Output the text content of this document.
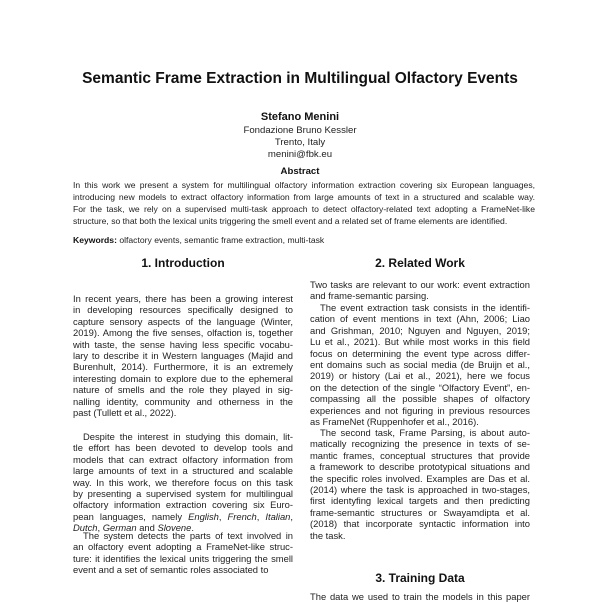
Semantic Frame Extraction in Multilingual Olfactory Events
Stefano Menini
Fondazione Bruno Kessler
Trento, Italy
menini@fbk.eu
Abstract
In this work we present a system for multilingual olfactory information extraction covering six European languages,
introducing new models to extract olfactory information from large amounts of text in a structured and scalable way.
For the task, we rely on a supervised multi-task approach to detect olfactory-related text adopting a FrameNet-like
structure, so that both the lexical units triggering the smell event and a related set of frame elements are identified.
Keywords: olfactory events, semantic frame extraction, multi-task
1. Introduction	2. Related Work
3. Training Data
In recent years, there has been a growing interest
in developing resources specifically designed to
capture sensory aspects of the language (Winter,
2019). Among the five senses, olfaction is, together
with taste, the sense having less specific vocabu-
lary to describe it in Western languages (Majid and
Burenhult, 2014). Furthermore, it is an extremely
interesting domain to explore due to the ephemeral
nature of smells and the role they played in sig-
nalling identity, community and otherness in the
past (Tullett et al., 2022).
Despite the interest in studying this domain, lit-
tle effort has been devoted to develop tools and
models that can extract olfactory information from
large amounts of text in a structured and scalable
way. In this work, we therefore focus on this task
by presenting a supervised system for multilingual
olfactory information extraction covering six Euro-
pean languages, namely English, French, Italian,
Dutch, German and Slovene.
The system detects the parts of text involved in
an olfactory event adopting a FrameNet-like struc-
ture: it identifies the lexical units triggering the smell
event and a set of semantic roles associated to
Two tasks are relevant to our work: event extraction
and frame-semantic parsing.
The event extraction task consists in the identifi-
cation of event mentions in text (Ahn, 2006; Liao
and Grishman, 2010; Nguyen and Nguyen, 2019;
Lu et al., 2021). But while most works in this field
focus on determining the event type across differ-
ent domains such as social media (de Bruijn et al.,
2019) or history (Lai et al., 2021), here we focus
on the detection of the single “Olfactory Event”, en-
compassing all the possible shapes of olfactory
experiences and not figuring in previous resources
as FrameNet (Ruppenhofer et al., 2016).
The second task, Frame Parsing, is about auto-
matically recognizing the presence in texts of se-
mantic frames, conceptual structures that provide
a framework to describe prototypical situations and
the specific roles involved. Examples are Das et al.
(2014) where the task is approached in two-stages,
first identyfing lexical targets and then predicting
frame-semantic structures or Swayamdipta et al.
(2018) that incorporate syntactic information into
the task.
The data we used to train the models in this paper
